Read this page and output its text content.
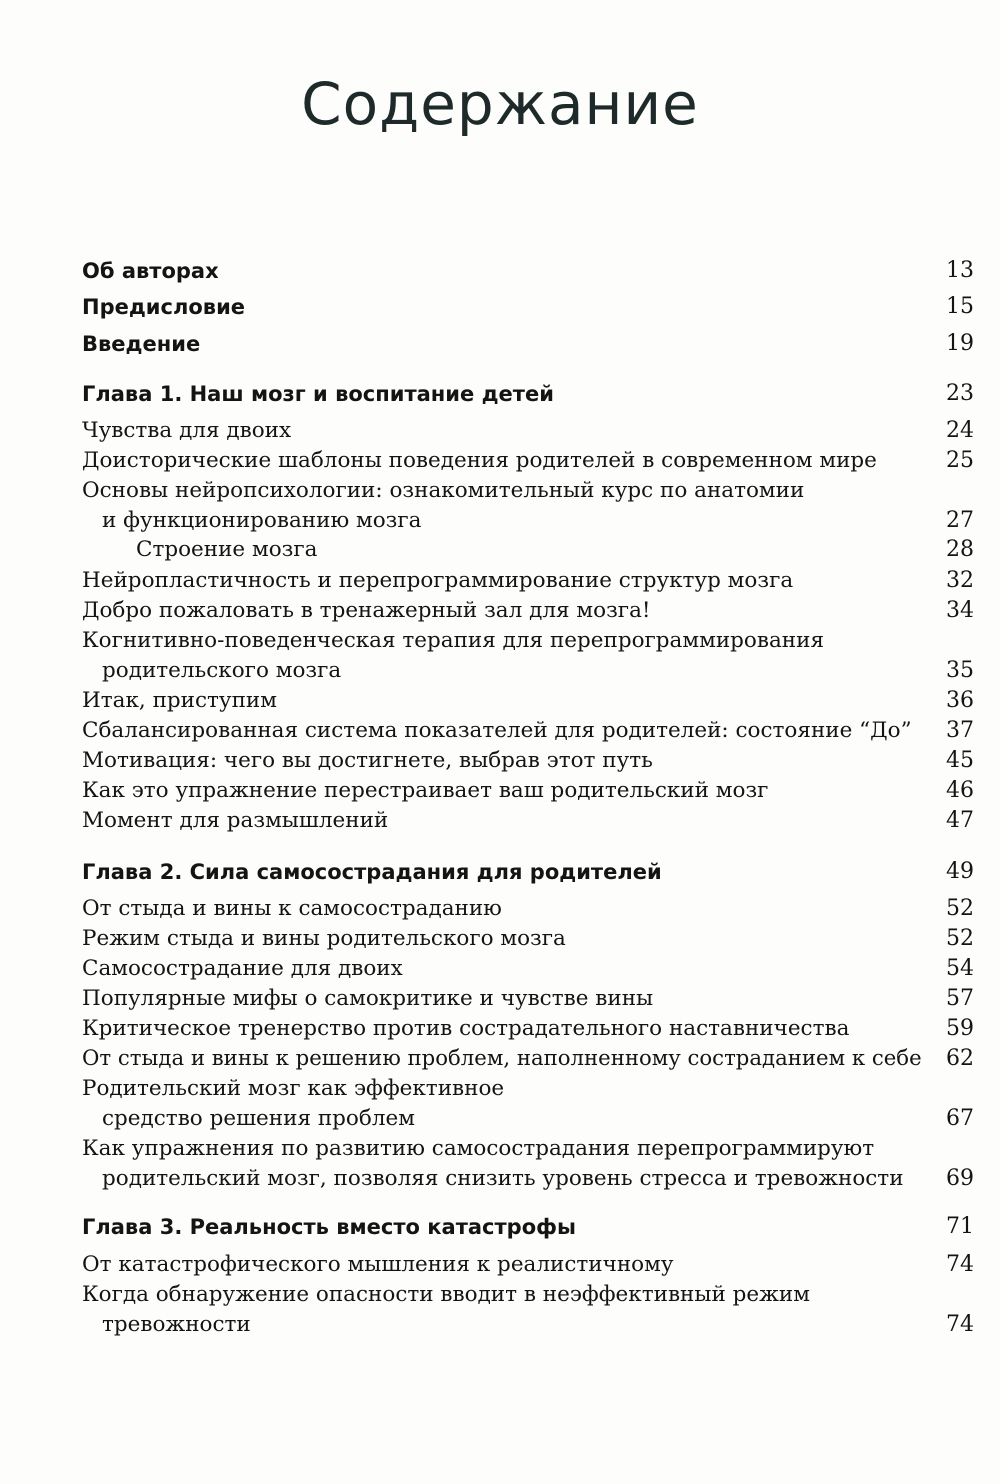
Содержание
Об авторах	13
Предисловие	15
Введение	19
Глава 1. Наш мозг и воспитание детей	23
Чувства для двоих	24
Доисторические шаблоны поведения родителей в современном мире	25
Основы нейропсихологии: ознакомительный курс по анатомии
и функционированию мозга	27
Строение мозга	28
Нейропластичность и перепрограммирование структур мозга	32
Добро пожаловать в тренажерный зал для мозга!	34
Когнитивно-поведенческая терапия для перепрограммирования
родительского мозга	35
Итак, приступим	36
Сбалансированная система показателей для родителей: состояние “До” 37
Мотивация: чего вы достигнете, выбрав этот путь	45
Как это упражнение перестраивает ваш родительский мозг	46
Момент для размышлений	47
Глава 2. Сила самосострадания для родителей	49
От стыда и вины к самосостраданию	52
Режим стыда и вины родительского мозга	52
Самосострадание для двоих	54
Популярные мифы о самокритике и чувстве вины	57
Критическое тренерство против сострадательного наставничества	59
От стыда и вины к решению проблем, наполненному состраданием к себе 62
Родительский мозг как эффективное
средство решения проблем	67
Как упражнения по развитию самосострадания перепрограммируют
родительский мозг, позволяя снизить уровень стресса и тревожности 69
Глава 3. Реальность вместо катастрофы	71
От катастрофического мышления к реалистичному	74
Когда обнаружение опасности вводит в неэффективный режим
тревожности	74
